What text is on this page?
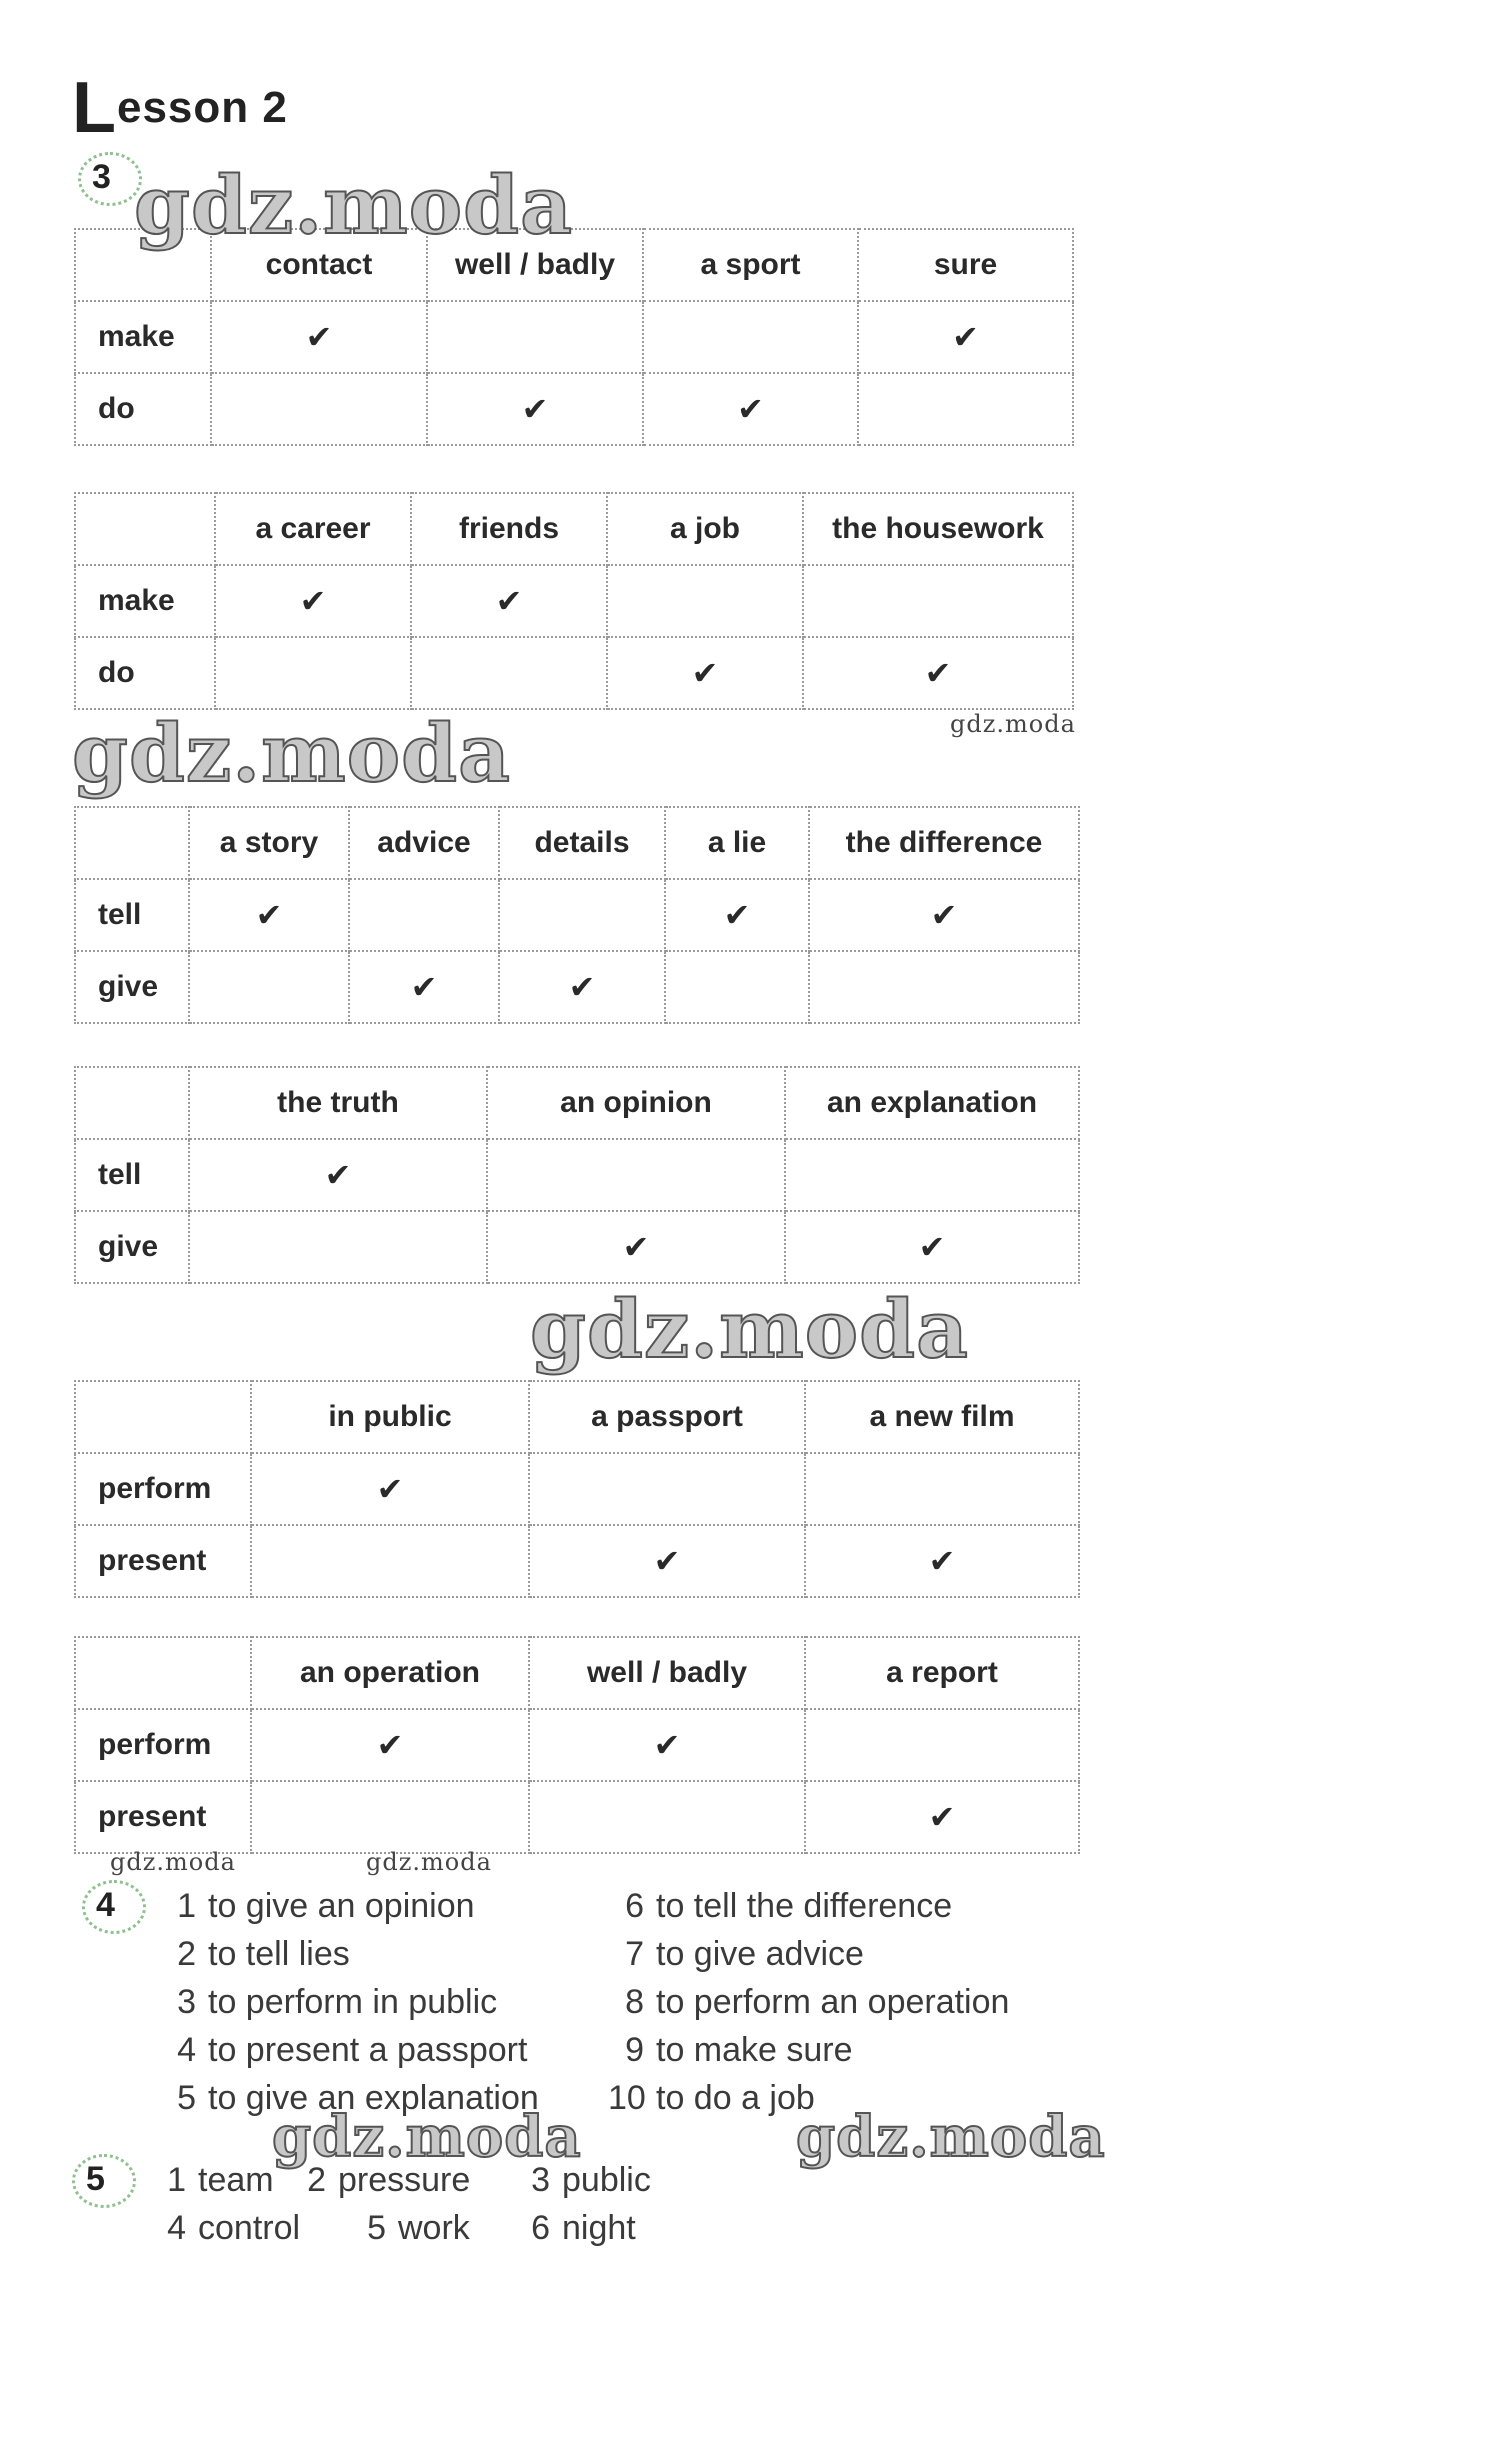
Lesson 2
3
	contact	well / badly	a sport	sure
make	✔			✔
do		✔	✔	
	a career	friends	a job	the housework
make	✔	✔		
do			✔	✔
	a story	advice	details	a lie	the difference
tell	✔			✔	✔
give		✔	✔		
	the truth	an opinion	an explanation
tell	✔		
give		✔	✔
	in public	a passport	a new film
perform	✔		
present		✔	✔
	an operation	well / badly	a report
perform	✔	✔	
present			✔
4	1 to give an opinion
2 to tell lies
3 to perform in public
4 to present a passport
5 to give an explanation
6 to tell the difference
7 to give advice
8 to perform an operation
9 to make sure
10 to do a job
5	1 team 2 pressure	3 public
4 control	5 work	6 night
gdz.moda
gdz.moda	gdz.moda
gdz.moda
gdz.moda	gdz.moda
gdz.moda	gdz.moda
